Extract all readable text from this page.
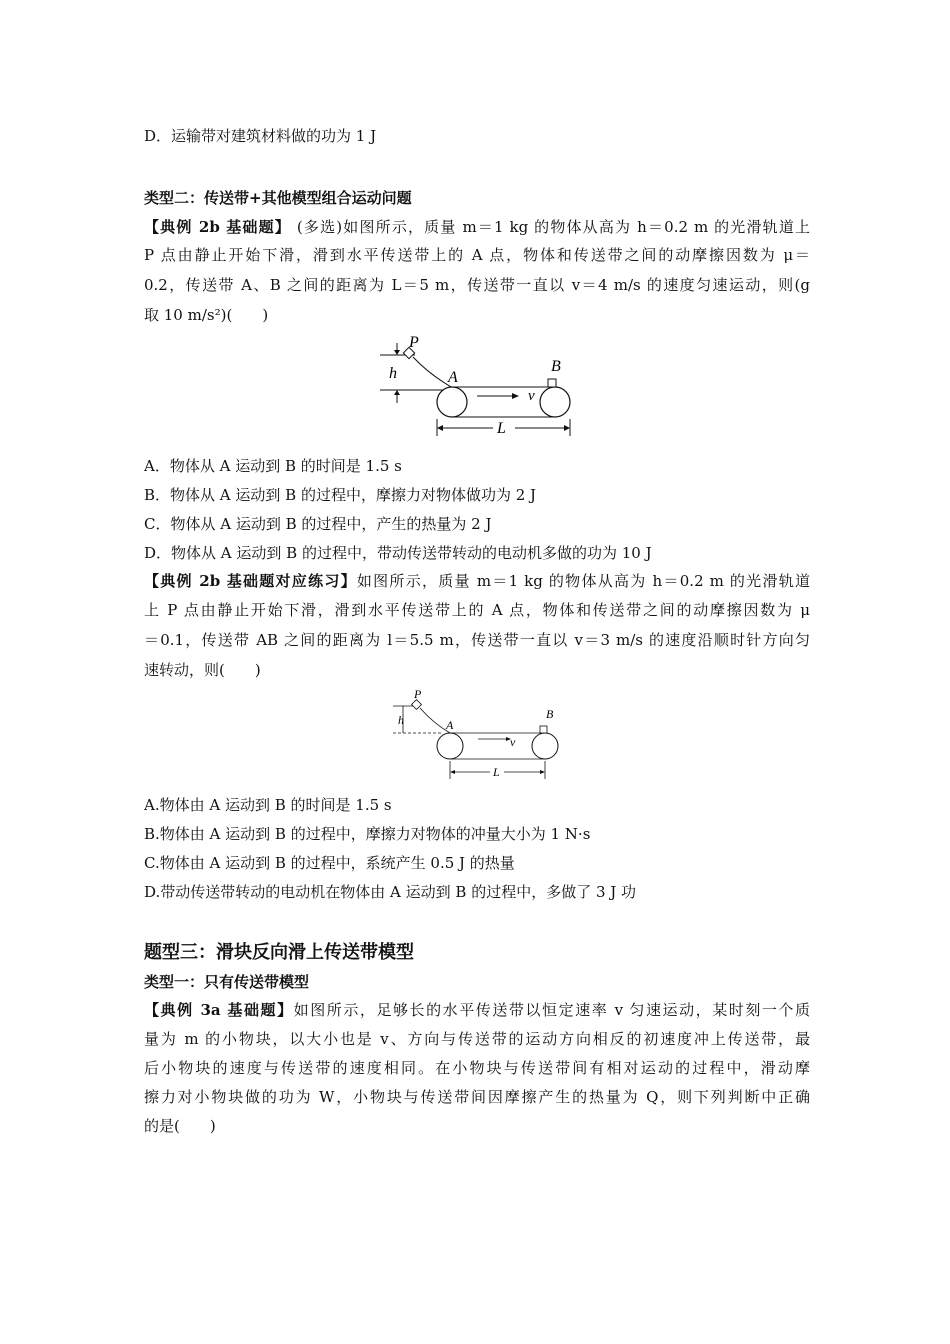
D．运输带对建筑材料做的功为 1 J
类型二：传送带+其他模型组合运动问题
【典例 2b 基础题】 (多选)如图所示，质量 m＝1 kg 的物体从高为 h＝0.2 m 的光滑轨道上
P 点由静止开始下滑，滑到水平传送带上的 A 点，物体和传送带之间的动摩擦因数为 μ＝
0.2，传送带 A、B 之间的距离为 L＝5 m，传送带一直以 v＝4 m/s 的速度匀速运动，则(g
取 10 m/s²)(　　)
h
P
A
B
v
L
A．物体从 A 运动到 B 的时间是 1.5 s
B．物体从 A 运动到 B 的过程中，摩擦力对物体做功为 2 J
C．物体从 A 运动到 B 的过程中，产生的热量为 2 J
D．物体从 A 运动到 B 的过程中，带动传送带转动的电动机多做的功为 10 J
【典例 2b 基础题对应练习】如图所示，质量 m＝1 kg 的物体从高为 h＝0.2 m 的光滑轨道
上 P 点由静止开始下滑，滑到水平传送带上的 A 点，物体和传送带之间的动摩擦因数为 μ
＝0.1，传送带 AB 之间的距离为 l＝5.5 m，传送带一直以 v＝3 m/s 的速度沿顺时针方向匀
速转动，则(　　)
h
P
A
B
v
L
A.物体由 A 运动到 B 的时间是 1.5 s
B.物体由 A 运动到 B 的过程中，摩擦力对物体的冲量大小为 1 N·s
C.物体由 A 运动到 B 的过程中，系统产生 0.5 J 的热量
D.带动传送带转动的电动机在物体由 A 运动到 B 的过程中，多做了 3 J 功
题型三：滑块反向滑上传送带模型
类型一：只有传送带模型
【典例 3a 基础题】如图所示，足够长的水平传送带以恒定速率 v 匀速运动，某时刻一个质
量为 m 的小物块，以大小也是 v、方向与传送带的运动方向相反的初速度冲上传送带，最
后小物块的速度与传送带的速度相同。在小物块与传送带间有相对运动的过程中，滑动摩
擦力对小物块做的功为 W，小物块与传送带间因摩擦产生的热量为 Q，则下列判断中正确
的是(　　)
